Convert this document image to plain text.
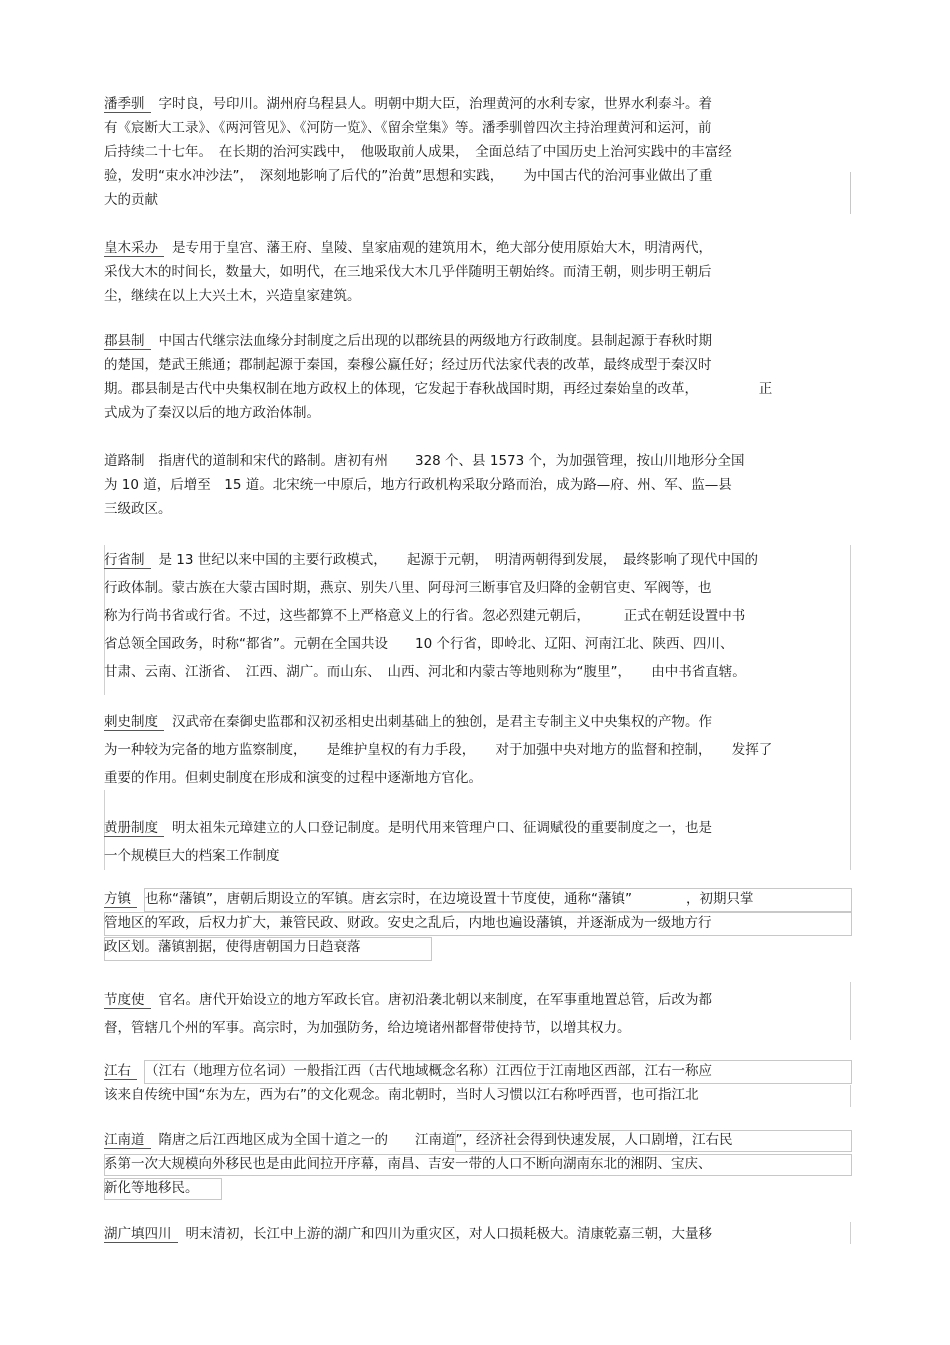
潘季驯 字时良，号印川。湖州府乌程县人。明朝中期大臣，治理黄河的水利专家，世界水利泰斗。着
有《宸断大工录》、《两河管见》、《河防一览》、《留余堂集》等。潘季驯曾四次主持治理黄河和运河，前
后持续二十七年。　在长期的治河实践中，　他吸取前人成果，　全面总结了中国历史上治河实践中的丰富经
验，发明“束水冲沙法”，　深刻地影响了后代的”治黄”思想和实践，　　为中国古代的治河事业做出了重
大的贡献
皇木采办 是专用于皇宫、藩王府、皇陵、皇家庙观的建筑用木，绝大部分使用原始大木，明清两代，
采伐大木的时间长，数量大，如明代，在三地采伐大木几乎伴随明王朝始终。而清王朝，则步明王朝后
尘，继续在以上大兴土木，兴造皇家建筑。
郡县制 中国古代继宗法血缘分封制度之后出现的以郡统县的两级地方行政制度。县制起源于春秋时期
的楚国，楚武王熊通；郡制起源于秦国，秦穆公赢任好；经过历代法家代表的改革，最终成型于秦汉时
期。郡县制是古代中央集权制在地方政权上的体现，它发起于春秋战国时期，再经过秦始皇的改革，　　　　　正
式成为了秦汉以后的地方政治体制。
道路制 指唐代的道制和宋代的路制。唐初有州　　328 个、县 1573 个，为加强管理，按山川地形分全国
为 10 道，后增至　15 道。北宋统一中原后，地方行政机构采取分路而治，成为路—府、州、军、监—县
三级政区。
行省制 是 13 世纪以来中国的主要行政模式，　　起源于元朝，　明清两朝得到发展，　最终影响了现代中国的
行政体制。蒙古族在大蒙古国时期，燕京、别失八里、阿母河三断事官及归降的金朝官吏、军阀等，也
称为行尚书省或行省。不过，这些都算不上严格意义上的行省。忽必烈建元朝后，　　　正式在朝廷设置中书
省总领全国政务，时称“都省”。元朝在全国共设　　10 个行省，即岭北、辽阳、河南江北、陕西、四川、
甘肃、云南、江浙省、　江西、湖广。而山东、　山西、河北和内蒙古等地则称为“腹里”，　　由中书省直辖。
刺史制度 汉武帝在秦御史监郡和汉初丞相史出刺基础上的独创，是君主专制主义中央集权的产物。作
为一种较为完备的地方监察制度，　　是维护皇权的有力手段，　　对于加强中央对地方的监督和控制，　　发挥了
重要的作用。但刺史制度在形成和演变的过程中逐渐地方官化。
黄册制度 明太祖朱元璋建立的人口登记制度。是明代用来管理户口、征调赋役的重要制度之一，也是
一个规模巨大的档案工作制度
方镇 也称“藩镇”，唐朝后期设立的军镇。唐玄宗时，在边境设置十节度使，通称“藩镇”　　　　，初期只掌
管地区的军政，后权力扩大，兼管民政、财政。安史之乱后，内地也遍设藩镇，并逐渐成为一级地方行
政区划。藩镇割据，使得唐朝国力日趋衰落
节度使 官名。唐代开始设立的地方军政长官。唐初沿袭北朝以来制度，在军事重地置总管，后改为都
督，管辖几个州的军事。高宗时，为加强防务，给边境诸州都督带使持节，以增其权力。
江右 （江右（地理方位名词）一般指江西（古代地域概念名称）江西位于江南地区西部，江右一称应
该来自传统中国“东为左，西为右”的文化观念。南北朝时，当时人习惯以江右称呼西晋，也可指江北
江南道 隋唐之后江西地区成为全国十道之一的　　江南道”，经济社会得到快速发展，人口剧增，江右民
系第一次大规模向外移民也是由此间拉开序幕，南昌、吉安一带的人口不断向湖南东北的湘阴、宝庆、
新化等地移民。
湖广填四川 明末清初，长江中上游的湖广和四川为重灾区，对人口损耗极大。清康乾嘉三朝，大量移
